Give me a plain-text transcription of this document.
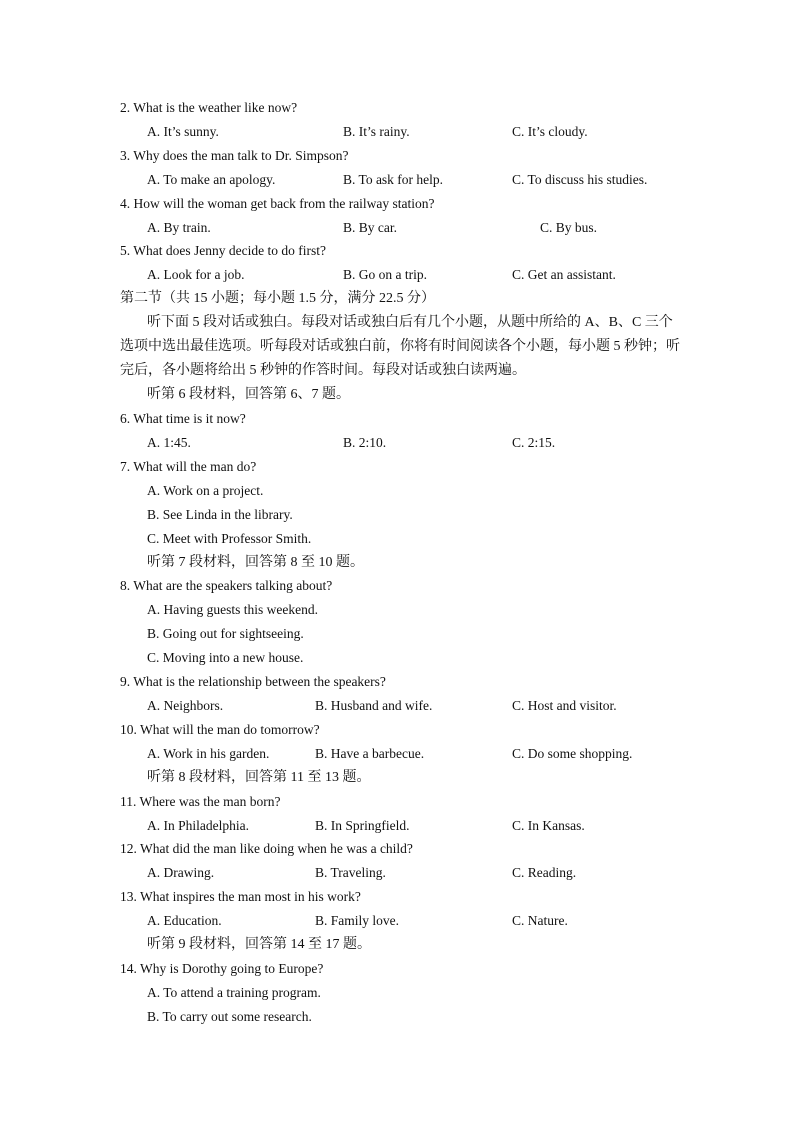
2. What is the weather like now?
A. It’s sunny.	B. It’s rainy.	C. It’s cloudy.
3. Why does the man talk to Dr. Simpson?
A. To make an apology.	B. To ask for help.	C. To discuss his studies.
4. How will the woman get back from the railway station?
A. By train.	B. By car.	C. By bus.
5. What does Jenny decide to do first?
A. Look for a job.	B. Go on a trip.	C. Get an assistant.
第二节（共 15 小题；每小题 1.5 分，满分 22.5 分）
听下面 5 段对话或独白。每段对话或独白后有几个小题，从题中所给的 A、B、C 三个
选项中选出最佳选项。听每段对话或独白前，你将有时间阅读各个小题，每小题 5 秒钟；听
完后，各小题将给出 5 秒钟的作答时间。每段对话或独白读两遍。
听第 6 段材料，回答第 6、7 题。
6. What time is it now?
A. 1:45.	B. 2:10.	C. 2:15.
7. What will the man do?
A. Work on a project.
B. See Linda in the library.
C. Meet with Professor Smith.
听第 7 段材料，回答第 8 至 10 题。
8. What are the speakers talking about?
A. Having guests this weekend.
B. Going out for sightseeing.
C. Moving into a new house.
9. What is the relationship between the speakers?
A. Neighbors.	B. Husband and wife.	C. Host and visitor.
10. What will the man do tomorrow?
A. Work in his garden.	B. Have a barbecue.	C. Do some shopping.
听第 8 段材料，回答第 11 至 13 题。
11. Where was the man born?
A. In Philadelphia.	B. In Springfield.	C. In Kansas.
12. What did the man like doing when he was a child?
A. Drawing.	B. Traveling.	C. Reading.
13. What inspires the man most in his work?
A. Education.	B. Family love.	C. Nature.
听第 9 段材料，回答第 14 至 17 题。
14. Why is Dorothy going to Europe?
A. To attend a training program.
B. To carry out some research.
